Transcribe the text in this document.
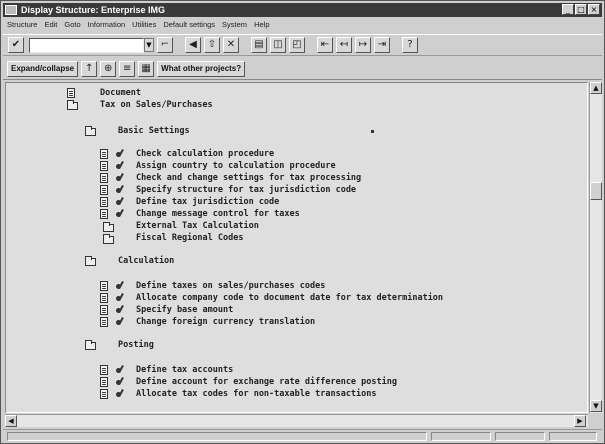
Display Structure: Enterprise IMG	_ □ ×
Structure Edit Goto Information Utilities Default settings System Help
✔	▼ ⌐	◀	⇧	✕	▤ ◫ ◰	⇤	↤	↦	⇥	?
Expand/collapse	↑	⊕	≡	▦	What other projects?
Document
Tax on Sales/Purchases
Basic Settings
Check calculation procedure
Assign country to calculation procedure
Check and change settings for tax processing
Specify structure for tax jurisdiction code
Define tax jurisdiction code
Change message control for taxes
External Tax Calculation
Fiscal Regional Codes
Calculation
Define taxes on sales/purchases codes
Allocate company code to document date for tax determination
Specify base amount
Change foreign currency translation
Posting
Define tax accounts
Define account for exchange rate difference posting
Allocate tax codes for non-taxable transactions
▲
▼
◀	▶
